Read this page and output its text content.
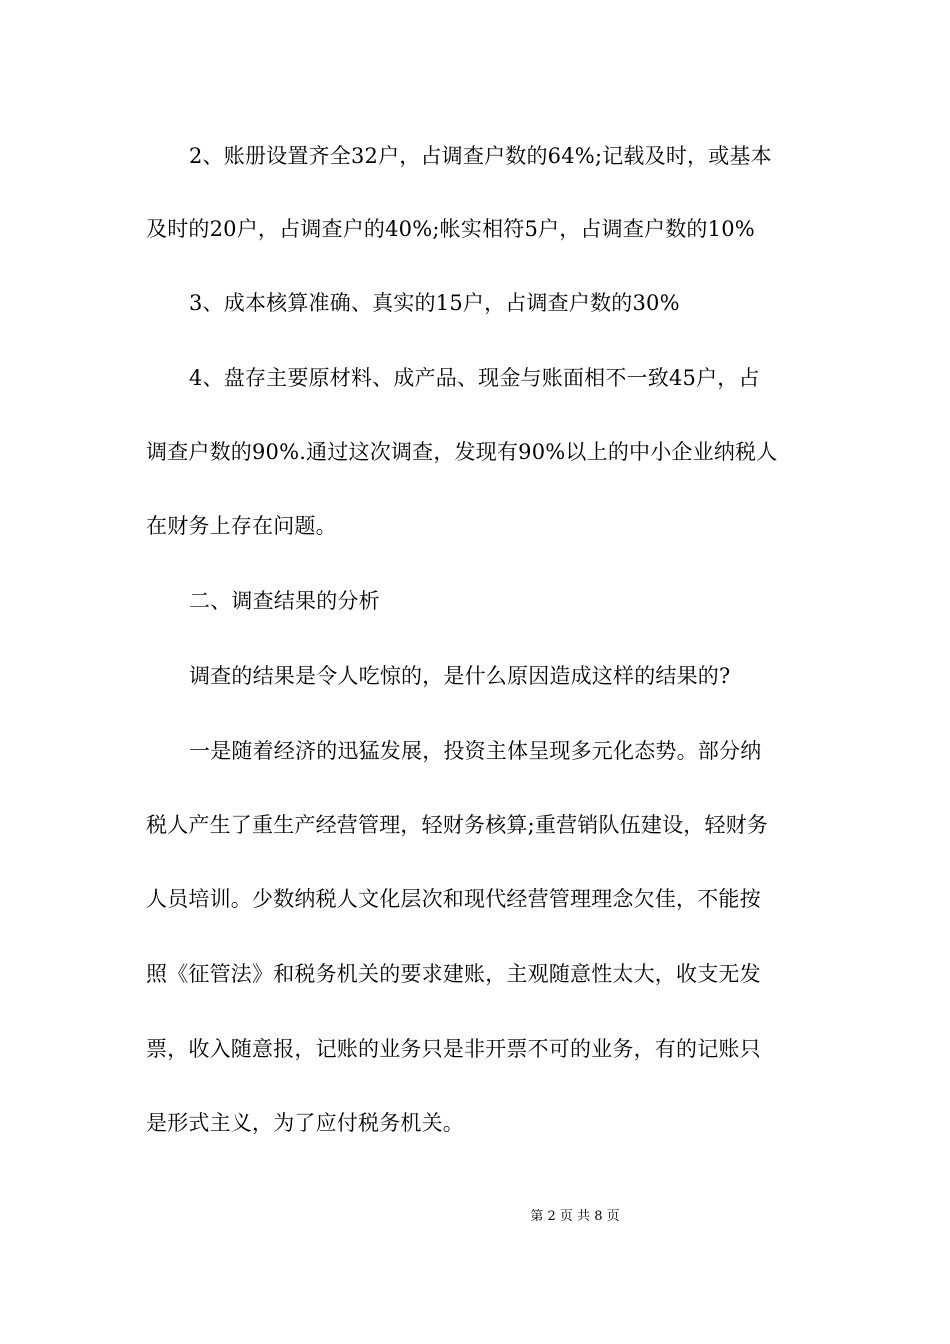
2、账册设置齐全32户，占调查户数的64%;记载及时，或基本
及时的20户，占调查户的40%;帐实相符5户，占调查户数的10%
3、成本核算准确、真实的15户，占调查户数的30%
4、盘存主要原材料、成产品、现金与账面相不一致45户，占
调查户数的90%.通过这次调查，发现有90%以上的中小企业纳税人
在财务上存在问题。
二、调查结果的分析
调查的结果是令人吃惊的，是什么原因造成这样的结果的?
一是随着经济的迅猛发展，投资主体呈现多元化态势。部分纳
税人产生了重生产经营管理，轻财务核算;重营销队伍建设，轻财务
人员培训。少数纳税人文化层次和现代经营管理理念欠佳，不能按
照《征管法》和税务机关的要求建账，主观随意性太大，收支无发
票，收入随意报，记账的业务只是非开票不可的业务，有的记账只
是形式主义，为了应付税务机关。
第 2 页 共 8 页
